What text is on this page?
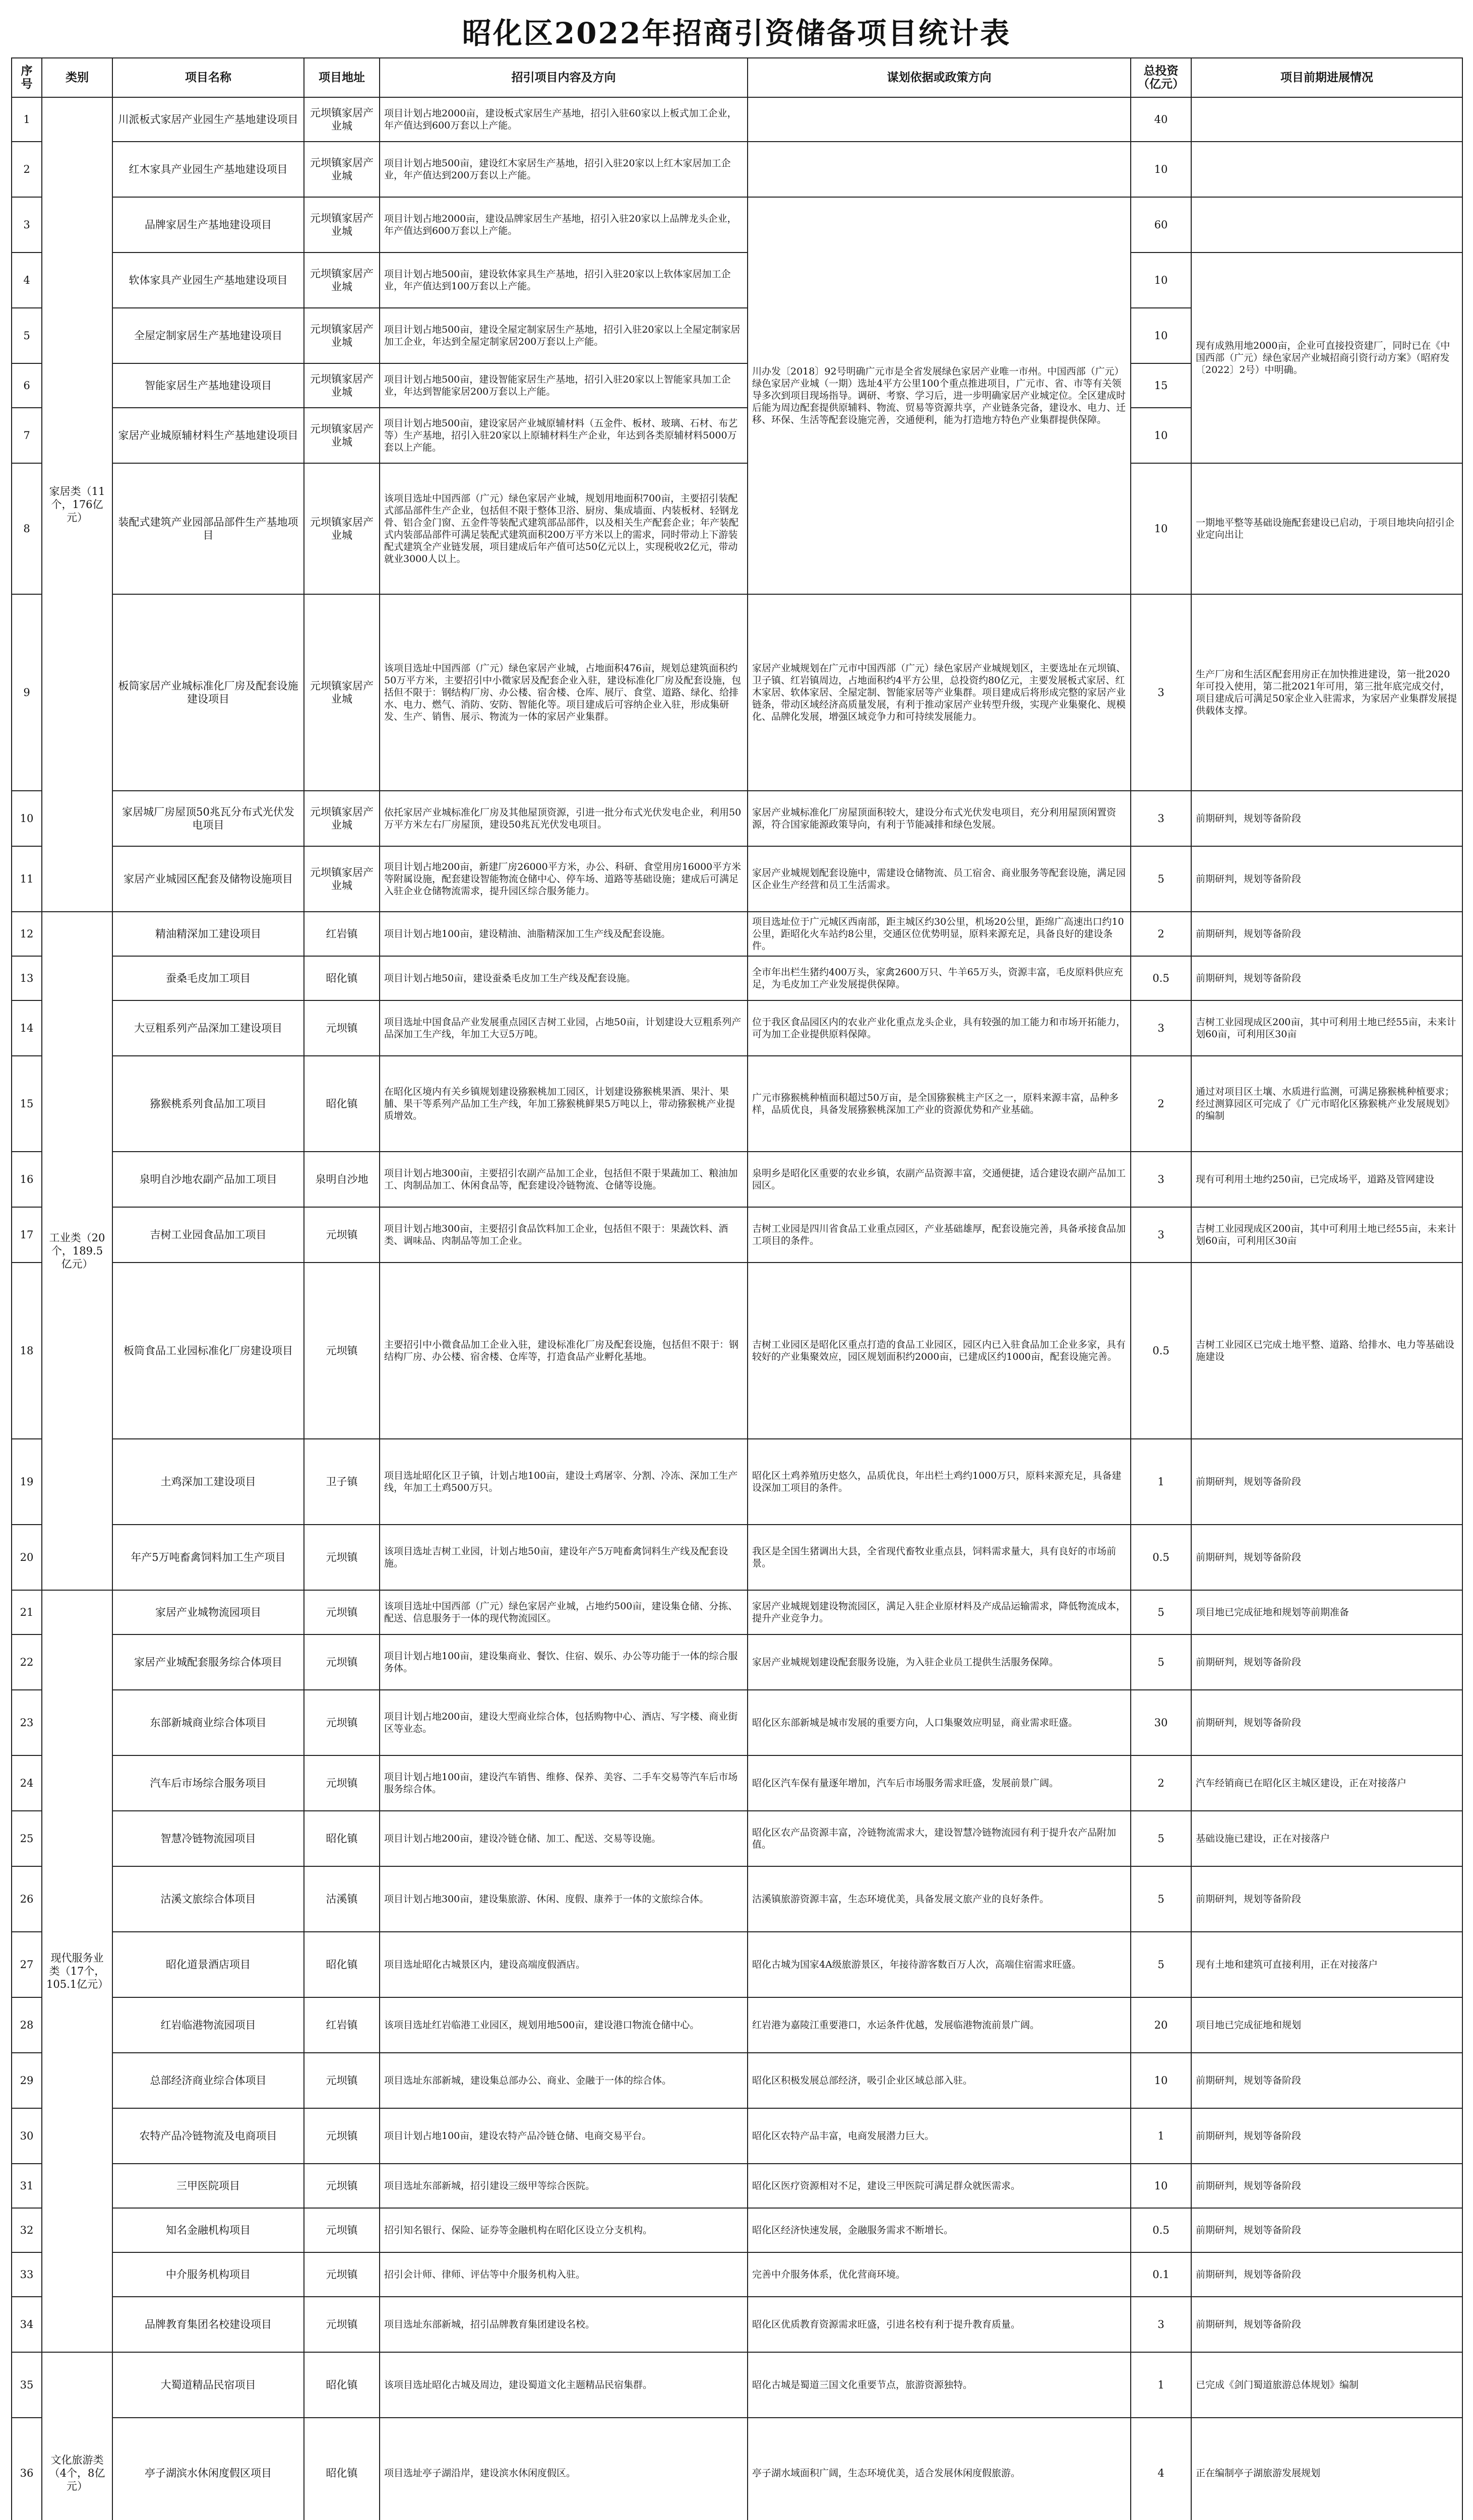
昭化区2022年招商引资储备项目统计表
序号	类别	项目名称	项目地址	招引项目内容及方向	谋划依据或政策方向	总投资（亿元）	项目前期进展情况
1	家居类（11个，176亿元）	川派板式家居产业园生产基地建设项目	元坝镇家居产业城	项目计划占地2000亩，建设板式家居生产基地，招引入驻60家以上板式加工企业，年产值达到600万套以上产能。		40	
2		红木家具产业园生产基地建设项目	元坝镇家居产业城	项目计划占地500亩，建设红木家居生产基地，招引入驻20家以上红木家居加工企业，年产值达到200万套以上产能。		10	
3		品牌家居生产基地建设项目	元坝镇家居产业城	项目计划占地2000亩，建设品牌家居生产基地，招引入驻20家以上品牌龙头企业，年产值达到600万套以上产能。	川办发〔2018〕92号明确广元市是全省发展绿色家居产业唯一市州。中国西部（广元）绿色家居产业城（一期）选址4平方公里100个重点推进项目，广元市、省、市等有关领导多次到项目现场指导。调研、考察、学习后，进一步明确家居产业城定位。全区建成时后能为周边配套提供原辅料、物流、贸易等资源共享，产业链条完备，建设水、电力、迁移、环保、生活等配套设施完善，交通便利，能为打造地方特色产业集群提供保障。	60	
4		软体家具产业园生产基地建设项目	元坝镇家居产业城	项目计划占地500亩，建设软体家具生产基地，招引入驻20家以上软体家居加工企业，年产值达到100万套以上产能。		10	现有成熟用地2000亩，企业可直接投资建厂，同时已在《中国西部（广元）绿色家居产业城招商引资行动方案》（昭府发〔2022〕2号）中明确。
5		全屋定制家居生产基地建设项目	元坝镇家居产业城	项目计划占地500亩，建设全屋定制家居生产基地，招引入驻20家以上全屋定制家居加工企业，年达到全屋定制家居200万套以上产能。		10	
6		智能家居生产基地建设项目	元坝镇家居产业城	项目计划占地500亩，建设智能家居生产基地，招引入驻20家以上智能家具加工企业，年达到智能家居200万套以上产能。		15	
7		家居产业城原辅材料生产基地建设项目	元坝镇家居产业城	项目计划占地500亩，建设家居产业城原辅材料（五金件、板材、玻璃、石材、布艺等）生产基地，招引入驻20家以上原辅材料生产企业，年达到各类原辅材料5000万套以上产能。		10	
8		装配式建筑产业园部品部件生产基地项目	元坝镇家居产业城	该项目选址中国西部（广元）绿色家居产业城，规划用地面积700亩，主要招引装配式部品部件生产企业，包括但不限于整体卫浴、厨房、集成墙面、内装板材、轻钢龙骨、铝合金门窗、五金件等装配式建筑部品部件，以及相关生产配套企业；年产装配式内装部品部件可满足装配式建筑面积200万平方米以上的需求，同时带动上下游装配式建筑全产业链发展，项目建成后年产值可达50亿元以上，实现税收2亿元，带动就业3000人以上。		10	一期地平整等基础设施配套建设已启动，于项目地块向招引企业定向出让
9		板筒家居产业城标准化厂房及配套设施建设项目	元坝镇家居产业城	该项目选址中国西部（广元）绿色家居产业城，占地面积476亩，规划总建筑面积约50万平方米，主要招引中小微家居及配套企业入驻，建设标准化厂房及配套设施，包括但不限于：钢结构厂房、办公楼、宿舍楼、仓库、展厅、食堂、道路、绿化、给排水、电力、燃气、消防、安防、智能化等。项目建成后可容纳企业入驻，形成集研发、生产、销售、展示、物流为一体的家居产业集群。	家居产业城规划在广元市中国西部（广元）绿色家居产业城规划区，主要选址在元坝镇、卫子镇、红岩镇周边，占地面积约4平方公里，总投资约80亿元，主要发展板式家居、红木家居、软体家居、全屋定制、智能家居等产业集群。项目建成后将形成完整的家居产业链条，带动区域经济高质量发展，有利于推动家居产业转型升级，实现产业集聚化、规模化、品牌化发展，增强区域竞争力和可持续发展能力。	3	生产厂房和生活区配套用房正在加快推进建设，第一批2020年可投入使用，第二批2021年可用，第三批年底完成交付，项目建成后可满足50家企业入驻需求，为家居产业集群发展提供载体支撑。
10		家居城厂房屋顶50兆瓦分布式光伏发电项目	元坝镇家居产业城	依托家居产业城标准化厂房及其他屋顶资源，引进一批分布式光伏发电企业，利用50万平方米左右厂房屋顶，建设50兆瓦光伏发电项目。	家居产业城标准化厂房屋顶面积较大，建设分布式光伏发电项目，充分利用屋顶闲置资源，符合国家能源政策导向，有利于节能减排和绿色发展。	3	前期研判，规划等备阶段
11		家居产业城园区配套及储物设施项目	元坝镇家居产业城	项目计划占地200亩，新建厂房26000平方米，办公、科研、食堂用房16000平方米等附属设施，配套建设智能物流仓储中心、停车场、道路等基础设施；建成后可满足入驻企业仓储物流需求，提升园区综合服务能力。	家居产业城规划配套设施中，需建设仓储物流、员工宿舍、商业服务等配套设施，满足园区企业生产经营和员工生活需求。	5	前期研判，规划等备阶段
12	工业类（20个，189.5亿元）	精油精深加工建设项目	红岩镇	项目计划占地100亩，建设精油、油脂精深加工生产线及配套设施。	项目选址位于广元城区西南部，距主城区约30公里，机场20公里，距绵广高速出口约10公里，距昭化火车站约8公里，交通区位优势明显，原料来源充足，具备良好的建设条件。	2	前期研判，规划等备阶段
13		蚕桑毛皮加工项目	昭化镇	项目计划占地50亩，建设蚕桑毛皮加工生产线及配套设施。	全市年出栏生猪约400万头，家禽2600万只、牛羊65万头，资源丰富，毛皮原料供应充足，为毛皮加工产业发展提供保障。	0.5	前期研判，规划等备阶段
14		大豆粗系列产品深加工建设项目	元坝镇	项目选址中国食品产业发展重点园区吉树工业园，占地50亩，计划建设大豆粗系列产品深加工生产线，年加工大豆5万吨。	位于我区食品园区内的农业产业化重点龙头企业，具有较强的加工能力和市场开拓能力，可为加工企业提供原料保障。	3	吉树工业园现成区200亩，其中可利用土地已经55亩，未来计划60亩，可利用区30亩
15		猕猴桃系列食品加工项目	昭化镇	在昭化区境内有关乡镇规划建设猕猴桃加工园区，计划建设猕猴桃果酒、果汁、果脯、果干等系列产品加工生产线，年加工猕猴桃鲜果5万吨以上，带动猕猴桃产业提质增效。	广元市猕猴桃种植面积超过50万亩，是全国猕猴桃主产区之一，原料来源丰富，品种多样，品质优良，具备发展猕猴桃深加工产业的资源优势和产业基础。	2	通过对项目区土壤、水质进行监测，可满足猕猴桃种植要求；经过测算园区可完成了《广元市昭化区猕猴桃产业发展规划》的编制
16		泉明自沙地农副产品加工项目	泉明自沙地	项目计划占地300亩，主要招引农副产品加工企业，包括但不限于果蔬加工、粮油加工、肉制品加工、休闲食品等，配套建设冷链物流、仓储等设施。	泉明乡是昭化区重要的农业乡镇，农副产品资源丰富，交通便捷，适合建设农副产品加工园区。	3	现有可利用土地约250亩，已完成场平，道路及管网建设
17		吉树工业园食品加工项目	元坝镇	项目计划占地300亩，主要招引食品饮料加工企业，包括但不限于：果蔬饮料、酒类、调味品、肉制品等加工企业。	吉树工业园是四川省食品工业重点园区，产业基础雄厚，配套设施完善，具备承接食品加工项目的条件。	3	吉树工业园现成区200亩，其中可利用土地已经55亩，未来计划60亩，可利用区30亩
18		板筒食品工业园标准化厂房建设项目	元坝镇	主要招引中小微食品加工企业入驻，建设标准化厂房及配套设施，包括但不限于：钢结构厂房、办公楼、宿舍楼、仓库等，打造食品产业孵化基地。	吉树工业园区是昭化区重点打造的食品工业园区，园区内已入驻食品加工企业多家，具有较好的产业集聚效应，园区规划面积约2000亩，已建成区约1000亩，配套设施完善。	0.5	吉树工业园区已完成土地平整、道路、给排水、电力等基础设施建设
19		土鸡深加工建设项目	卫子镇	项目选址昭化区卫子镇，计划占地100亩，建设土鸡屠宰、分割、冷冻、深加工生产线，年加工土鸡500万只。	昭化区土鸡养殖历史悠久，品质优良，年出栏土鸡约1000万只，原料来源充足，具备建设深加工项目的条件。	1	前期研判，规划等备阶段
20		年产5万吨畜禽饲料加工生产项目	元坝镇	该项目选址吉树工业园，计划占地50亩，建设年产5万吨畜禽饲料生产线及配套设施。	我区是全国生猪调出大县，全省现代畜牧业重点县，饲料需求量大，具有良好的市场前景。	0.5	前期研判，规划等备阶段
21	现代服务业类（17个，105.1亿元）	家居产业城物流园项目	元坝镇	该项目选址中国西部（广元）绿色家居产业城，占地约500亩，建设集仓储、分拣、配送、信息服务于一体的现代物流园区。	家居产业城规划建设物流园区，满足入驻企业原材料及产成品运输需求，降低物流成本，提升产业竞争力。	5	项目地已完成征地和规划等前期准备
22		家居产业城配套服务综合体项目	元坝镇	项目计划占地100亩，建设集商业、餐饮、住宿、娱乐、办公等功能于一体的综合服务体。	家居产业城规划建设配套服务设施，为入驻企业员工提供生活服务保障。	5	前期研判，规划等备阶段
23		东部新城商业综合体项目	元坝镇	项目计划占地200亩，建设大型商业综合体，包括购物中心、酒店、写字楼、商业街区等业态。	昭化区东部新城是城市发展的重要方向，人口集聚效应明显，商业需求旺盛。	30	前期研判，规划等备阶段
24		汽车后市场综合服务项目	元坝镇	项目计划占地100亩，建设汽车销售、维修、保养、美容、二手车交易等汽车后市场服务综合体。	昭化区汽车保有量逐年增加，汽车后市场服务需求旺盛，发展前景广阔。	2	汽车经销商已在昭化区主城区建设，正在对接落户
25		智慧冷链物流园项目	昭化镇	项目计划占地200亩，建设冷链仓储、加工、配送、交易等设施。	昭化区农产品资源丰富，冷链物流需求大，建设智慧冷链物流园有利于提升农产品附加值。	5	基础设施已建设，正在对接落户
26		沽溪文旅综合体项目	沽溪镇	项目计划占地300亩，建设集旅游、休闲、度假、康养于一体的文旅综合体。	沽溪镇旅游资源丰富，生态环境优美，具备发展文旅产业的良好条件。	5	前期研判，规划等备阶段
27		昭化道景酒店项目	昭化镇	项目选址昭化古城景区内，建设高端度假酒店。	昭化古城为国家4A级旅游景区，年接待游客数百万人次，高端住宿需求旺盛。	5	现有土地和建筑可直接利用，正在对接落户
28		红岩临港物流园项目	红岩镇	该项目选址红岩临港工业园区，规划用地500亩，建设港口物流仓储中心。	红岩港为嘉陵江重要港口，水运条件优越，发展临港物流前景广阔。	20	项目地已完成征地和规划
29		总部经济商业综合体项目	元坝镇	项目选址东部新城，建设集总部办公、商业、金融于一体的综合体。	昭化区积极发展总部经济，吸引企业区域总部入驻。	10	前期研判，规划等备阶段
30		农特产品冷链物流及电商项目	元坝镇	项目计划占地100亩，建设农特产品冷链仓储、电商交易平台。	昭化区农特产品丰富，电商发展潜力巨大。	1	前期研判，规划等备阶段
31		三甲医院项目	元坝镇	项目选址东部新城，招引建设三级甲等综合医院。	昭化区医疗资源相对不足，建设三甲医院可满足群众就医需求。	10	前期研判，规划等备阶段
32		知名金融机构项目	元坝镇	招引知名银行、保险、证券等金融机构在昭化区设立分支机构。	昭化区经济快速发展，金融服务需求不断增长。	0.5	前期研判，规划等备阶段
33		中介服务机构项目	元坝镇	招引会计师、律师、评估等中介服务机构入驻。	完善中介服务体系，优化营商环境。	0.1	前期研判，规划等备阶段
34		品牌教育集团名校建设项目	元坝镇	项目选址东部新城，招引品牌教育集团建设名校。	昭化区优质教育资源需求旺盛，引进名校有利于提升教育质量。	3	前期研判，规划等备阶段
35	文化旅游类（4个，8亿元）	大蜀道精品民宿项目	昭化镇	该项目选址昭化古城及周边，建设蜀道文化主题精品民宿集群。	昭化古城是蜀道三国文化重要节点，旅游资源独特。	1	已完成《剑门蜀道旅游总体规划》编制
36		亭子湖滨水休闲度假区项目	昭化镇	项目选址亭子湖沿岸，建设滨水休闲度假区。	亭子湖水域面积广阔，生态环境优美，适合发展休闲度假旅游。	4	正在编制亭子湖旅游发展规划
